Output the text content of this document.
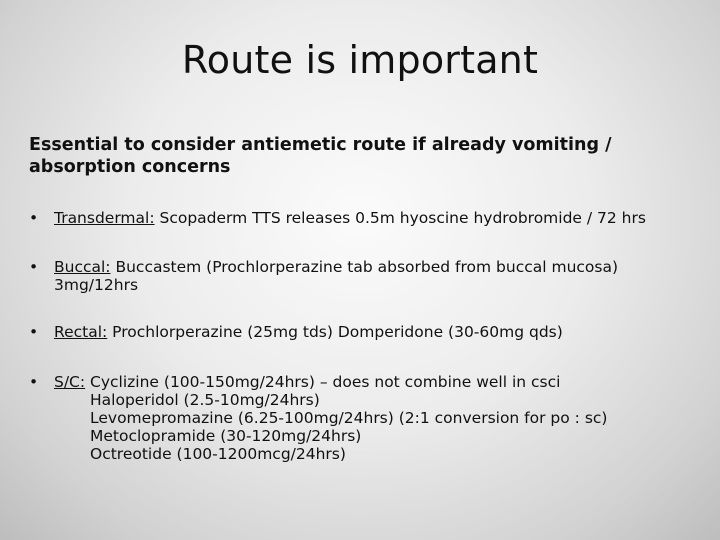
Route is important
Essential to consider antiemetic route if already vomiting / absorption concerns
• Transdermal: Scopaderm TTS releases 0.5m hyoscine hydrobromide / 72 hrs
• Buccal: Buccastem (Prochlorperazine tab absorbed from buccal mucosa) 3mg/12hrs
• Rectal: Prochlorperazine (25mg tds) Domperidone (30-60mg qds)
• S/C: Cyclizine (100-150mg/24hrs) – does not combine well in csci
Haloperidol (2.5-10mg/24hrs)
Levomepromazine (6.25-100mg/24hrs) (2:1 conversion for po : sc)
Metoclopramide (30-120mg/24hrs)
Octreotide (100-1200mcg/24hrs)
